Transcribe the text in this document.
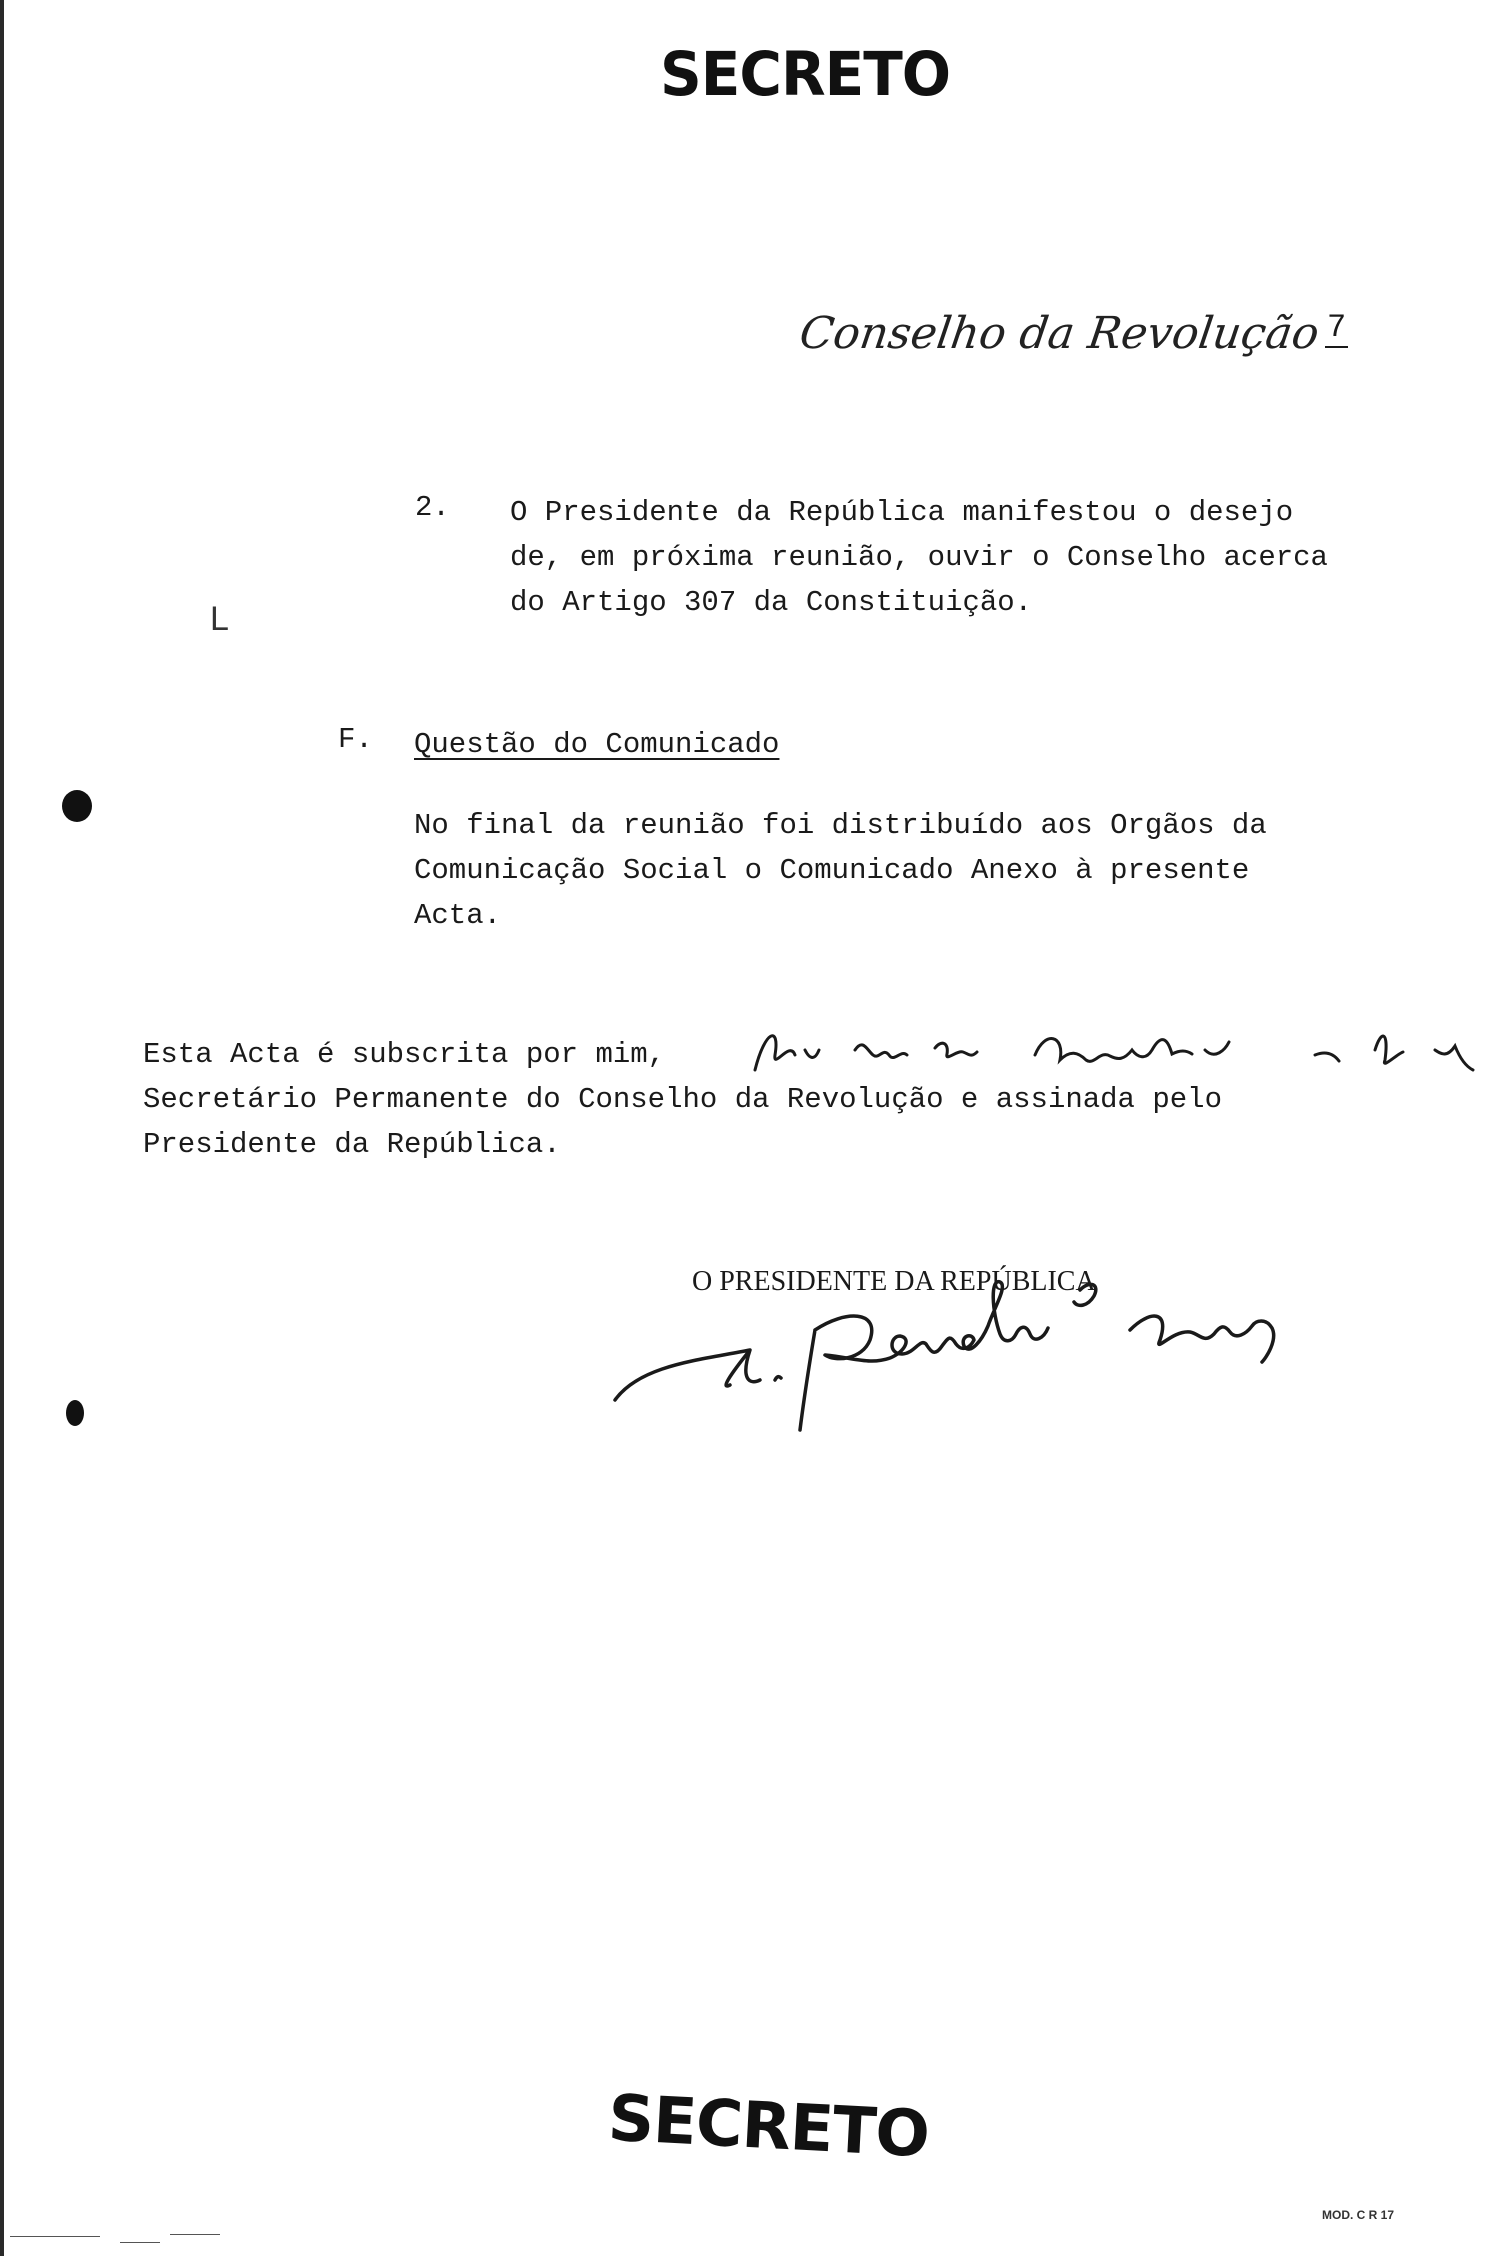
SECRETO
Conselho da Revolução 7
L
2. O Presidente da República manifestou o desejo
de, em próxima reunião, ouvir o Conselho acerca
do Artigo 307 da Constituição.
F. Questão do Comunicado
No final da reunião foi distribuído aos Orgãos da
Comunicação Social o Comunicado Anexo à presente
Acta.
Esta Acta é subscrita por mim,
Secretário Permanente do Conselho da Revolução e assinada pelo
Presidente da República.
O PRESIDENTE DA REPÚBLICA
SECRETO
MOD. C R 17
